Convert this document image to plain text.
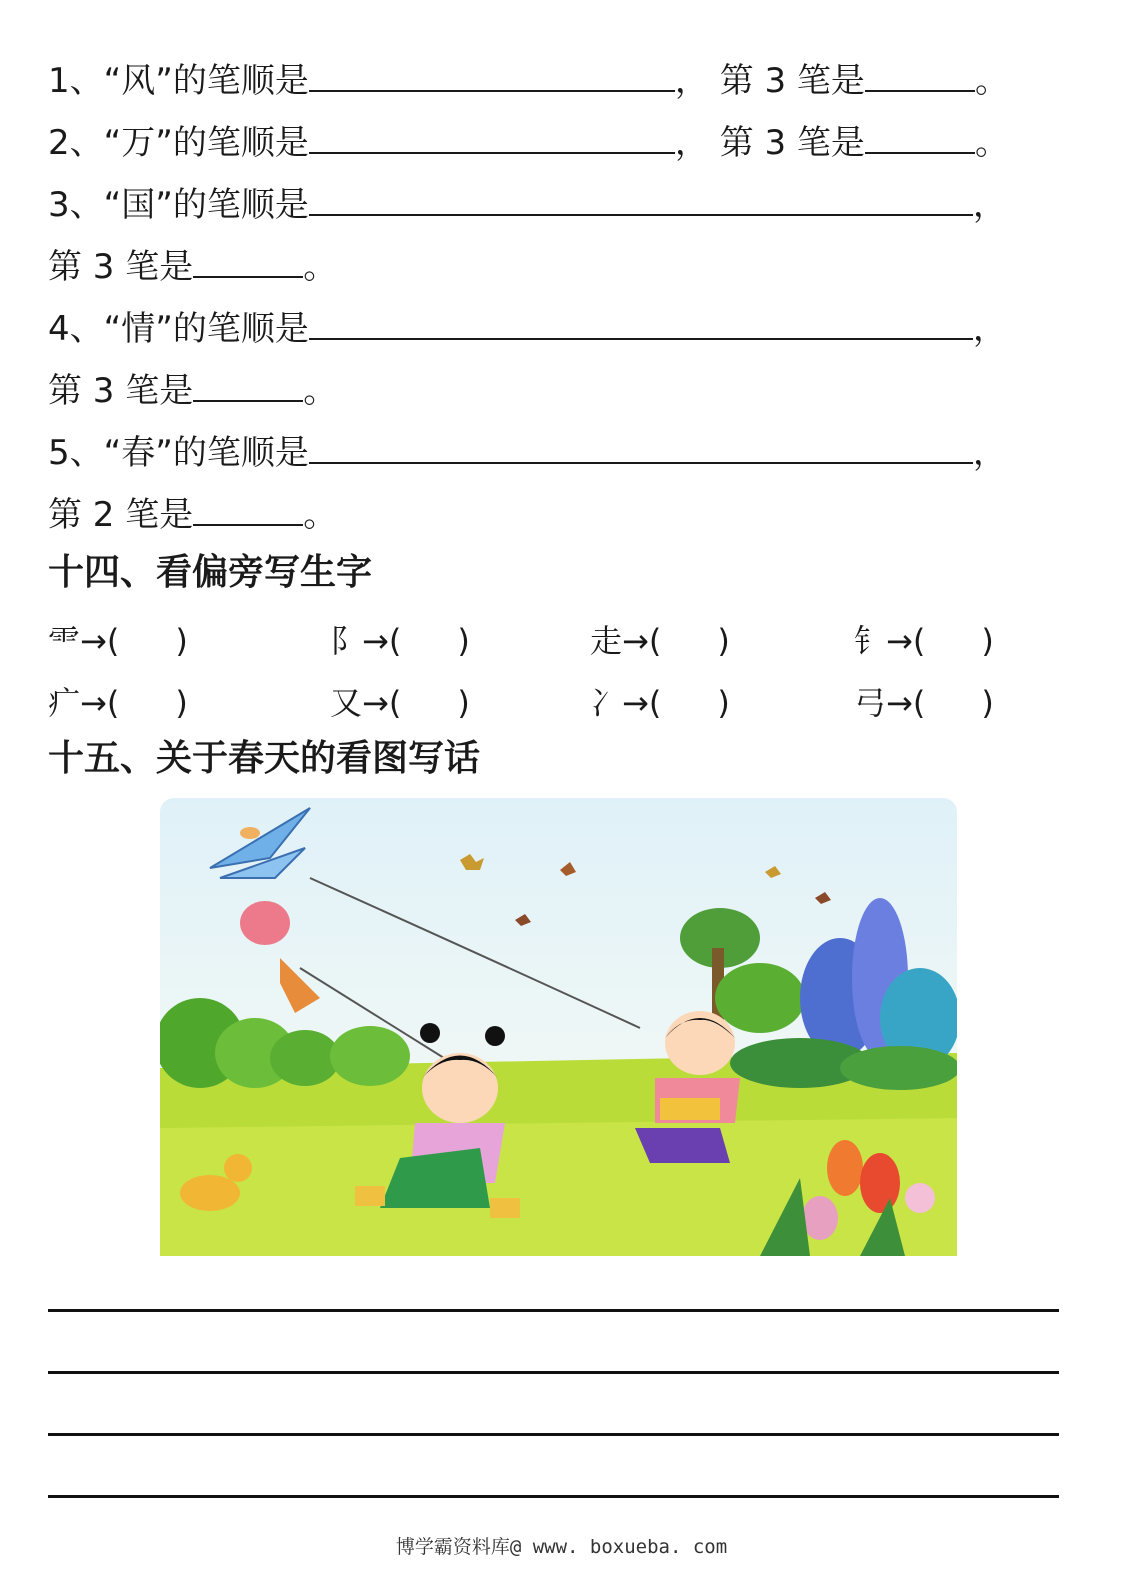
1、“风”的笔顺是	， 第 3 笔是	。
2、“万”的笔顺是	， 第 3 笔是	。
3、“国”的笔顺是	，
第 3 笔是	。
4、“情”的笔顺是	，
第 3 笔是	。
5、“春”的笔顺是	，
第 2 笔是	。
十四、看偏旁写生字
⻗→( )	阝→( )	走→( )	钅→( )
疒→( )	又→( )	冫→( )	弓→( )
十五、关于春天的看图写话
博学霸资料库@ www. boxueba. com
